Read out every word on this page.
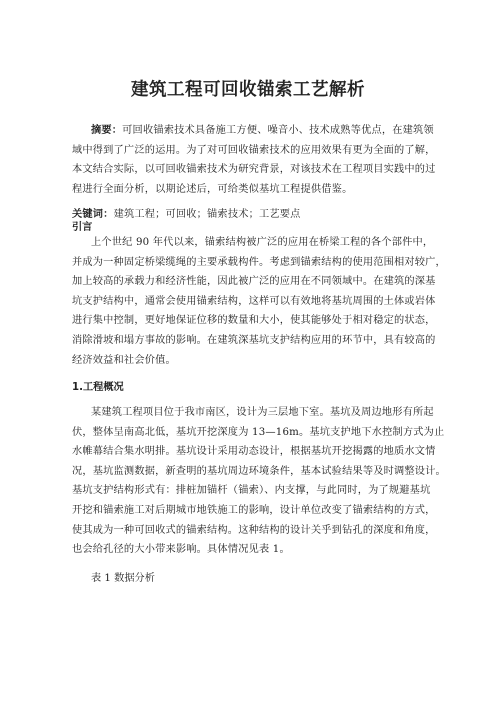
建筑工程可回收锚索工艺解析
摘要：可回收锚索技术具备施工方便、噪音小、技术成熟等优点，在建筑领
域中得到了广泛的运用。为了对可回收锚索技术的应用效果有更为全面的了解，
本文结合实际，以可回收锚索技术为研究背景，对该技术在工程项目实践中的过
程进行全面分析，以期论述后，可给类似基坑工程提供借鉴。
关键词：建筑工程；可回收；锚索技术；工艺要点
引言
上个世纪 90 年代以来，锚索结构被广泛的应用在桥梁工程的各个部件中，
并成为一种固定桥梁缆绳的主要承载构件。考虑到锚索结构的使用范围相对较广，
加上较高的承载力和经济性能，因此被广泛的应用在不同领域中。在建筑的深基
坑支护结构中，通常会使用锚索结构，这样可以有效地将基坑周围的土体或岩体
进行集中控制，更好地保证位移的数量和大小，使其能够处于相对稳定的状态，
消除滑坡和塌方事故的影响。在建筑深基坑支护结构应用的环节中，具有较高的
经济效益和社会价值。
1.工程概况
某建筑工程项目位于我市南区，设计为三层地下室。基坑及周边地形有所起
伏，整体呈南高北低，基坑开挖深度为 13—16m。基坑支护地下水控制方式为止
水帷幕结合集水明排。基坑设计采用动态设计，根据基坑开挖揭露的地质水文情
况，基坑监测数据，新查明的基坑周边环境条件，基本试验结果等及时调整设计。
基坑支护结构形式有：排桩加锚杆（锚索）、内支撑，与此同时，为了规避基坑
开挖和锚索施工对后期城市地铁施工的影响，设计单位改变了锚索结构的方式，
使其成为一种可回收式的锚索结构。这种结构的设计关乎到钻孔的深度和角度，
也会给孔径的大小带来影响。具体情况见表 1。
表 1 数据分析
